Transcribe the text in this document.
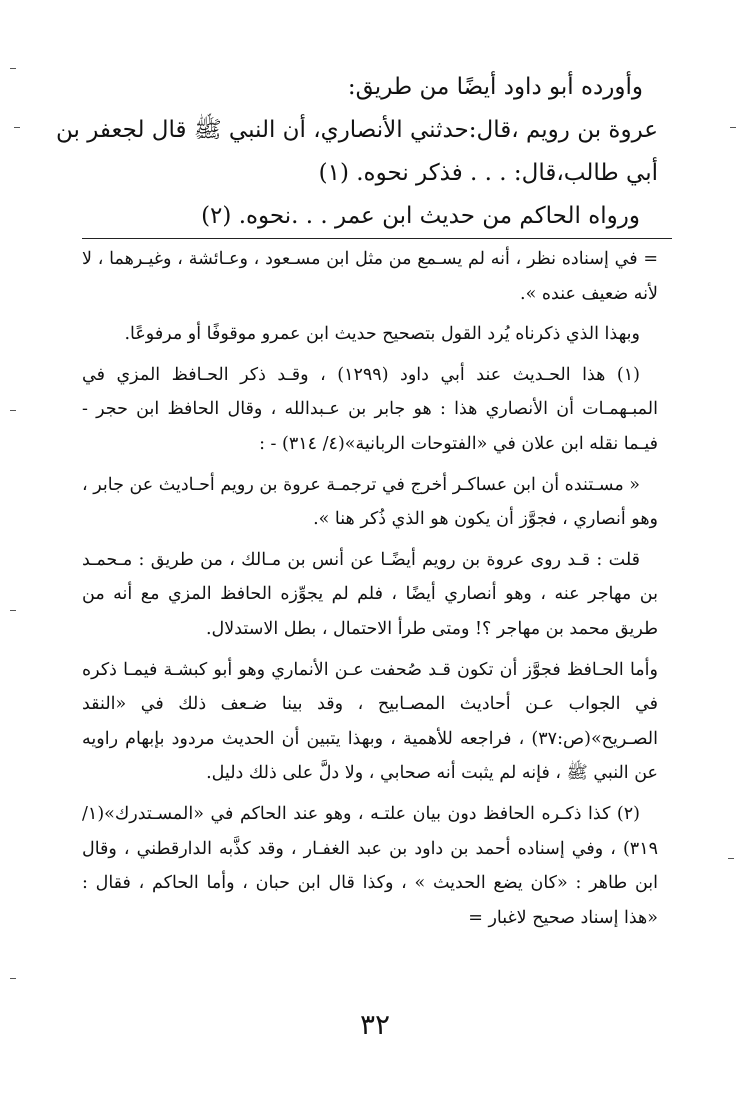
وأورده أبو داود أيضًا من طريق:

عروة بن رويم ،قال:حدثني الأنصاري، أن النبي ﷺ قال لجعفر بن

أبي طالب،قال: . . . فذكر نحوه. (١)

ورواه الحاكم من حديث ابن عمر . . .نحوه. (٢)

= في إسناده نظر ، أنه لم يسـمع من مثل ابن مسـعود ، وعـائشة ، وغيـرهما ، لا لأنه ضعيف عنده ».

وبهذا الذي ذكرناه يُرد القول بتصحيح حديث ابن عمرو موقوفًا أو مرفوعًا.

(١) هذا الحـديث عند أبي داود (١٢٩٩) ، وقـد ذكر الحـافظ المزي في المبـهمـات أن الأنصاري هذا : هو جابر بن عـبدالله ، وقال الحافظ ابن حجر - فيـما نقله ابن علان في «الفتوحات الربانية»(٤/ ٣١٤) - :

« مسـتنده أن ابن عساكـر أخرج في ترجمـة عروة بن رويم أحـاديث عن جابر ، وهو أنصاري ، فجوَّز أن يكون هو الذي ذُكر هنا ».

قلت : قـد روى عروة بن رويم أيضًـا عن أنس بن مـالك ، من طريق : مـحمـد بن مهاجر عنه ، وهو أنصاري أيضًا ، فلم لم يجوِّزه الحافظ المزي مع أنه من طريق محمد بن مهاجر ؟! ومتى طرأ الاحتمال ، بطل الاستدلال.

وأما الحـافظ فجوَّز أن تكون قـد صُحفت عـن الأنماري وهو أبو كبشـة فيمـا ذكره في الجواب عـن أحاديث المصـابيح ، وقد بينا ضـعف ذلك في «النقد الصـريح»(ص:٣٧) ، فراجعه للأهمية ، وبهذا يتبين أن الحديث مردود بإبهام راويه عن النبي ﷺ ، فإنه لم يثبت أنه صحابي ، ولا دلَّ على ذلك دليل.

(٢) كذا ذكـره الحافظ دون بيان علتـه ، وهو عند الحاكم في «المسـتدرك»(١/ ٣١٩) ، وفي إسناده أحمد بن داود بن عبد الغفـار ، وقد كذَّبه الدارقطني ، وقال ابن طاهر : «كان يضع الحديث » ، وكذا قال ابن حبان ، وأما الحاكم ، فقال : «هذا إسناد صحيح لاغبار =

٣٢
